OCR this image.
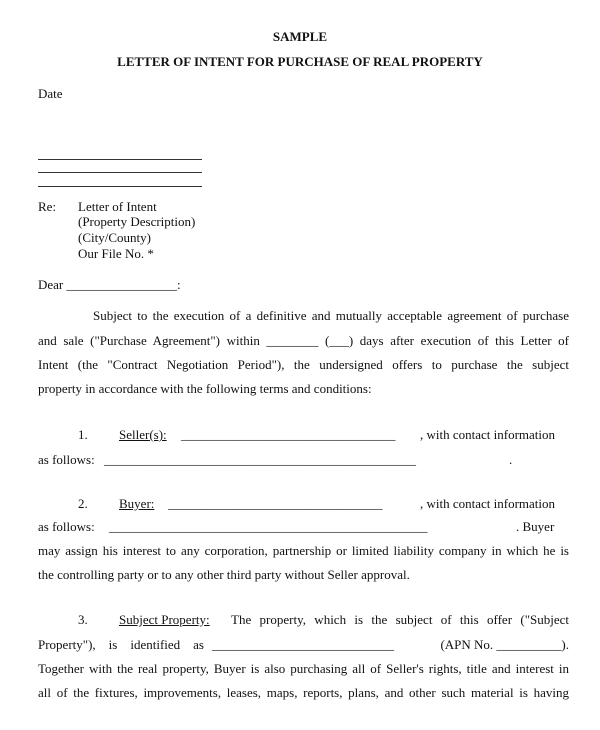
SAMPLE
LETTER OF INTENT FOR PURCHASE OF REAL PROPERTY
Date
Re: Letter of Intent
(Property Description)
(City/County)
Our File No. *
Dear _________________:
Subject to the execution of a definitive and mutually acceptable agreement of purchase
and sale ("Purchase Agreement") within ________ (___) days after execution of this Letter of
Intent (the "Contract Negotiation Period"), the undersigned offers to purchase the subject
property in accordance with the following terms and conditions:
1. Seller(s): _________________________________ , with contact information
as follows: ________________________________________________	.
2. Buyer: _________________________________	, with contact information
as follows: _________________________________________________	. Buyer
may assign his interest to any corporation, partnership or limited liability company in which he is
the controlling party or to any other third party without Seller approval.
3. Subject Property: The property, which is the subject of this offer ("Subject
Property"), is identified as ____________________________	(APN No. __________).
Together with the real property, Buyer is also purchasing all of Seller's rights, title and interest in
all of the fixtures, improvements, leases, maps, reports, plans, and other such material is having
